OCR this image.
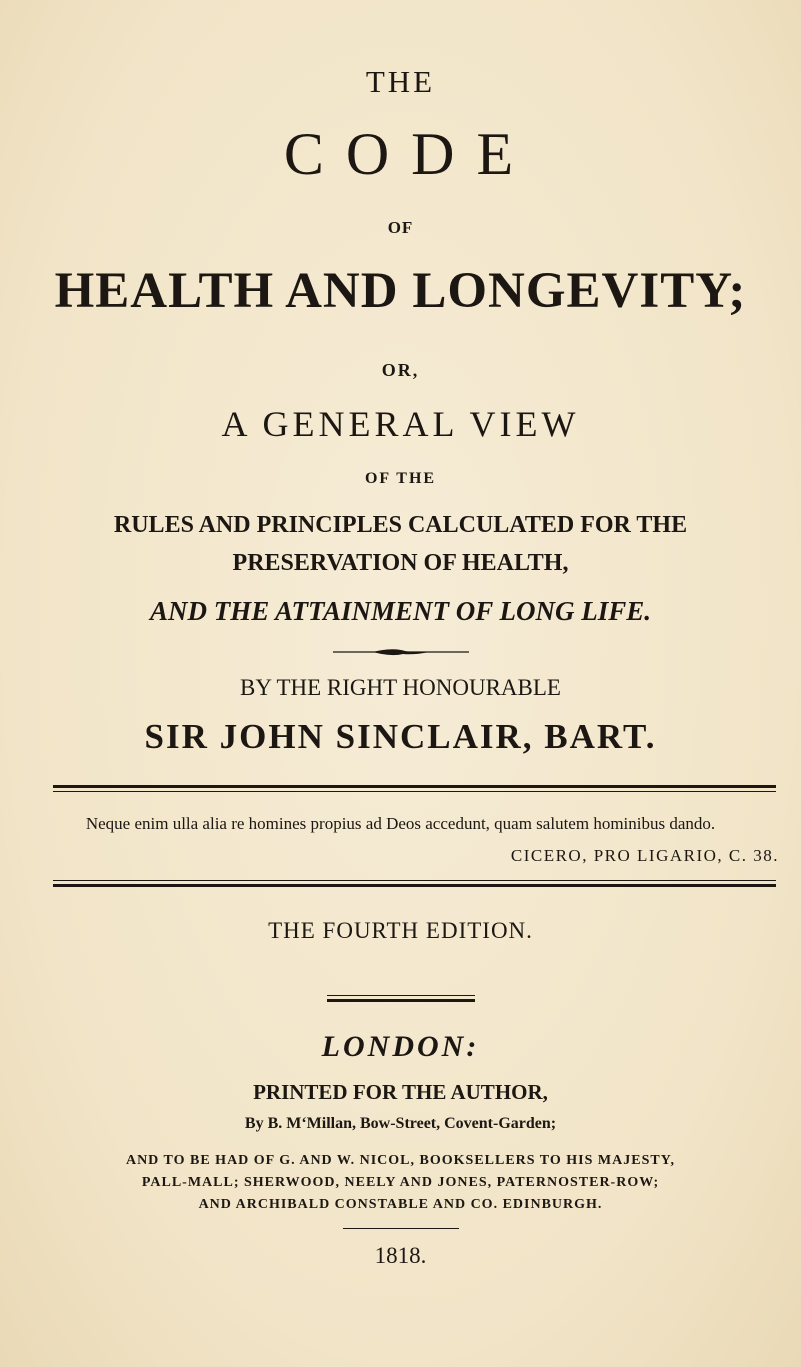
THE
CODE
OF
HEALTH AND LONGEVITY;
OR,
A GENERAL VIEW
OF THE
RULES AND PRINCIPLES CALCULATED FOR THE
PRESERVATION OF HEALTH,
AND THE ATTAINMENT OF LONG LIFE.
BY THE RIGHT HONOURABLE
SIR JOHN SINCLAIR, BART.
Neque enim ulla alia re homines propius ad Deos accedunt, quam salutem hominibus dando.
CICERO, PRO LIGARIO, C. 38.
THE FOURTH EDITION.
LONDON:
PRINTED FOR THE AUTHOR,
By B. M‘Millan, Bow-Street, Covent-Garden;
AND TO BE HAD OF G. AND W. NICOL, BOOKSELLERS TO HIS MAJESTY,
PALL-MALL; SHERWOOD, NEELY AND JONES, PATERNOSTER-ROW;
AND ARCHIBALD CONSTABLE AND CO. EDINBURGH.
1818.
